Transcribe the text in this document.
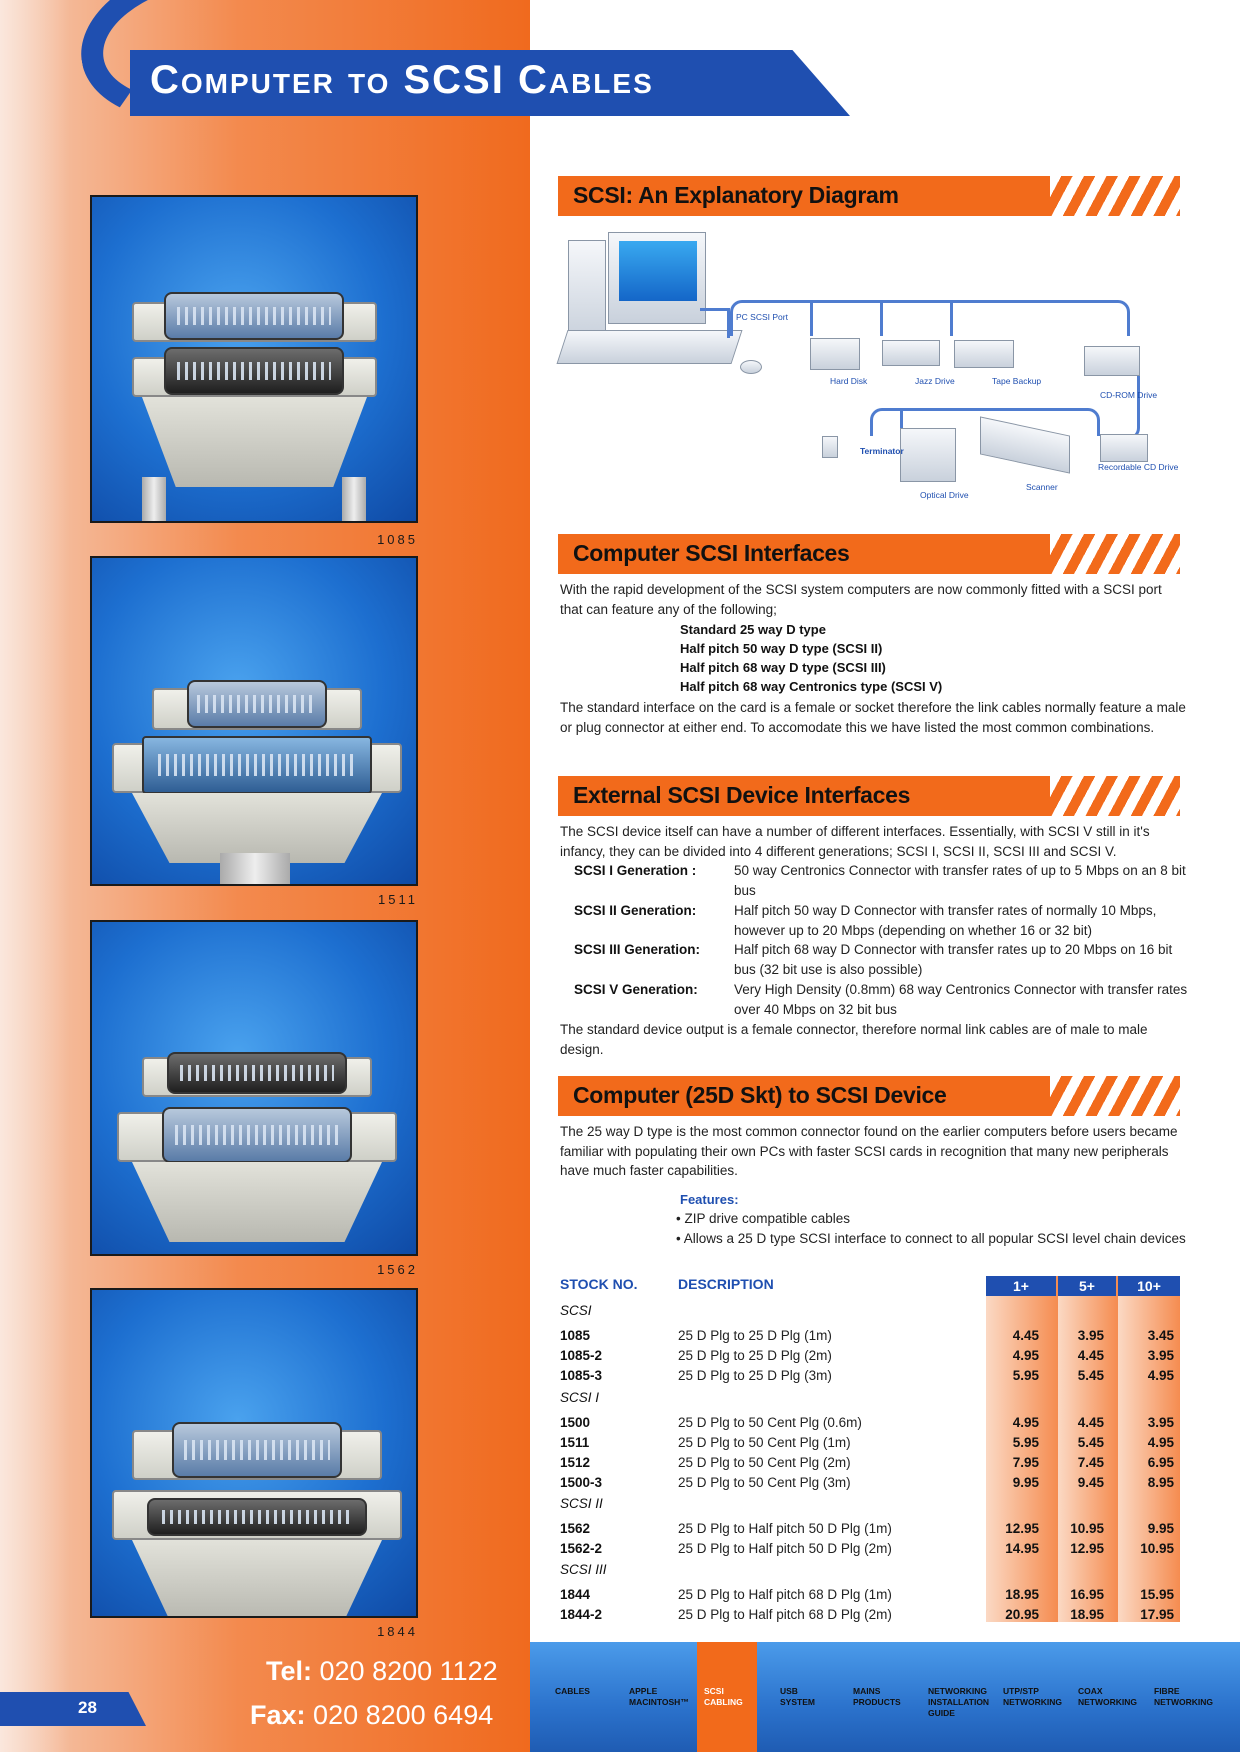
Computer to SCSI Cables
1085
1511
1562
1844
SCSI: An Explanatory Diagram
PC SCSI Port
Hard Disk	Jazz Drive	Tape Backup
CD-ROM Drive
Recordable CD Drive
Scanner
Optical Drive
Terminator
Computer SCSI Interfaces
With the rapid development of the SCSI system computers are now commonly fitted with a SCSI port that can feature any of the following;
Standard 25 way D type
Half pitch 50 way D type (SCSI II)
Half pitch 68 way D type (SCSI III)
Half pitch 68 way Centronics type (SCSI V)
The standard interface on the card is a female or socket therefore the link cables normally feature a male or plug connector at either end. To accomodate this we have listed the most common combinations.
External SCSI Device Interfaces
The SCSI device itself can have a number of different interfaces. Essentially, with SCSI V still in it's infancy, they can be divided into 4 different generations; SCSI I, SCSI II, SCSI III and SCSI V.
SCSI I Generation :	50 way Centronics Connector with transfer rates of up to 5 Mbps on an 8 bit bus
SCSI II Generation:	Half pitch 50 way D Connector with transfer rates of normally 10 Mbps, however up to 20 Mbps (depending on whether 16 or 32 bit)
SCSI III Generation:	Half pitch 68 way D Connector with transfer rates up to 20 Mbps on 16 bit bus (32 bit use is also possible)
SCSI V Generation:	Very High Density (0.8mm) 68 way Centronics Connector with transfer rates over 40 Mbps on 32 bit bus
The standard device output is a female connector, therefore normal link cables are of male to male design.
Computer (25D Skt) to SCSI Device
The 25 way D type is the most common connector found on the earlier computers before users became familiar with populating their own PCs with faster SCSI cards in recognition that many new peripherals have much faster capabilities.
Features:
• ZIP drive compatible cables
• Allows a 25 D type SCSI interface to connect to all popular SCSI level chain devices
STOCK NO.	DESCRIPTION	1+	5+	10+
SCSI
1085	25 D Plg to 25 D Plg (1m)	4.45	3.95	3.45
1085-2	25 D Plg to 25 D Plg (2m)	4.95	4.45	3.95
1085-3	25 D Plg to 25 D Plg (3m)	5.95	5.45	4.95
SCSI I
1500	25 D Plg to 50 Cent Plg (0.6m)	4.95	4.45	3.95
1511	25 D Plg to 50 Cent Plg (1m)	5.95	5.45	4.95
1512	25 D Plg to 50 Cent Plg (2m)	7.95	7.45	6.95
1500-3	25 D Plg to 50 Cent Plg (3m)	9.95	9.45	8.95
SCSI II
1562	25 D Plg to Half pitch 50 D Plg (1m)	12.95	10.95	9.95
1562-2	25 D Plg to Half pitch 50 D Plg (2m)	14.95	12.95	10.95
SCSI III
1844	25 D Plg to Half pitch 68 D Plg (1m)	18.95	16.95	15.95
1844-2	25 D Plg to Half pitch 68 D Plg (2m)	20.95	18.95	17.95
Tel: 020 8200 1122
Fax: 020 8200 6494
28
CABLES	APPLE
MACINTOSH™
SCSI
CABLING
USB
SYSTEM
MAINS
PRODUCTS
NETWORKING
INSTALLATION
GUIDE
UTP/STP
NETWORKING
COAX
NETWORKING
FIBRE
NETWORKING
